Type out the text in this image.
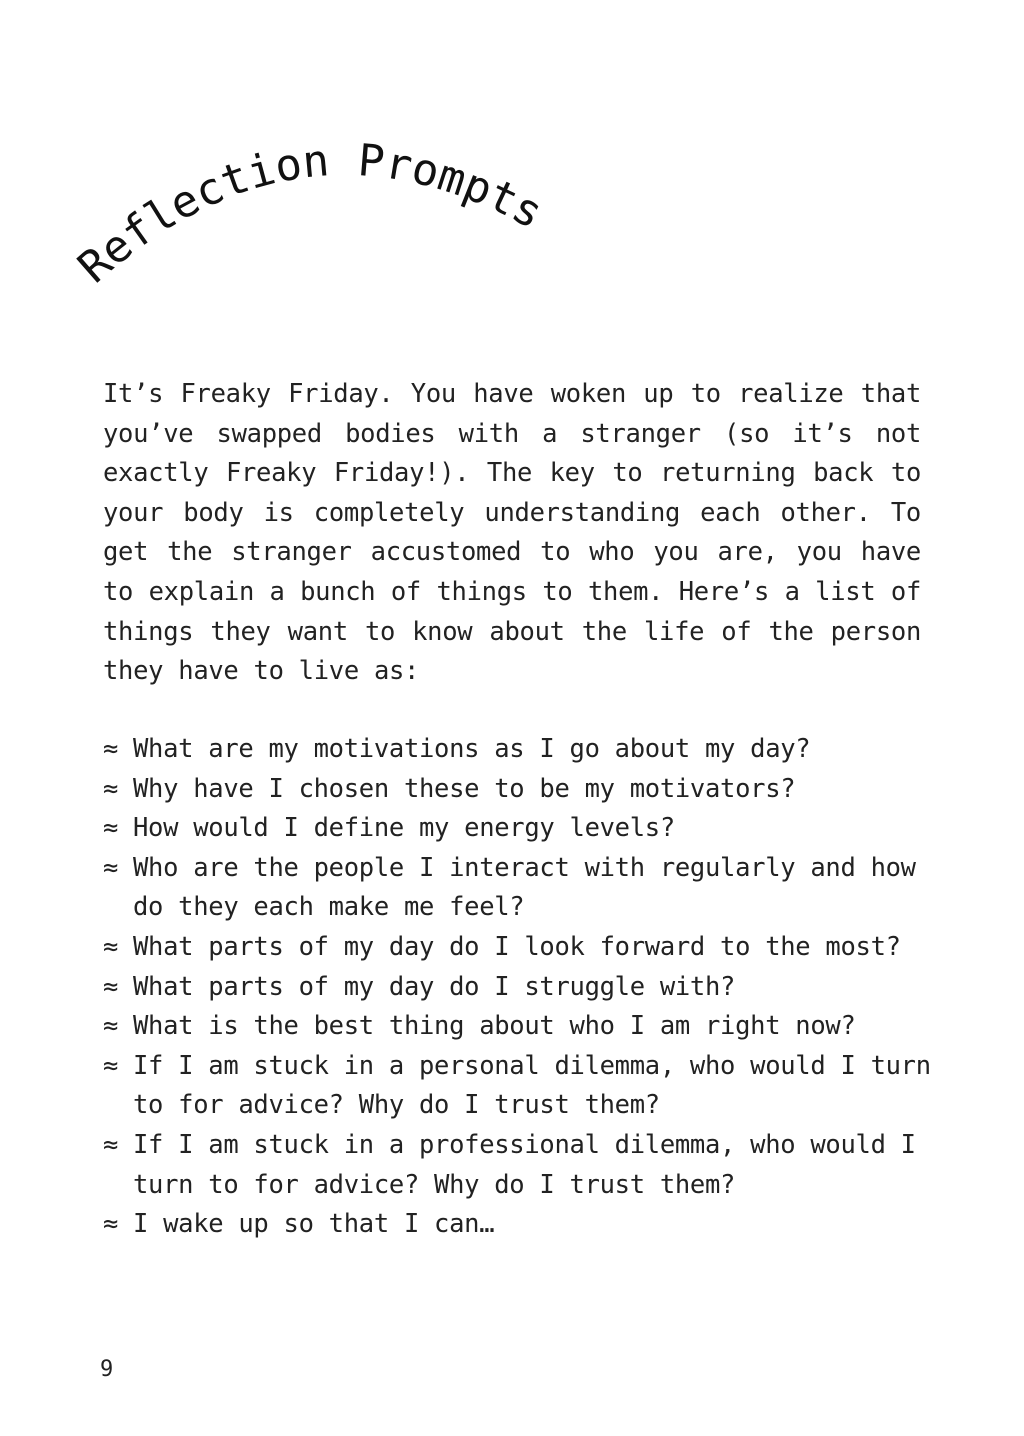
Reflection Prompts

It’s Freaky Friday. You have woken up to realize that you’ve swapped bodies with a stranger (so it’s not exactly Freaky Friday!). The key to returning back to your body is completely understanding each other. To get the stranger accustomed to who you are, you have to explain a bunch of things to them. Here’s a list of things they want to know about the life of the person they have to live as:

≈ What are my motivations as I go about my day?
≈ Why have I chosen these to be my motivators?
≈ How would I define my energy levels?
≈ Who are the people I interact with regularly and how do they each make me feel?
≈ What parts of my day do I look forward to the most?
≈ What parts of my day do I struggle with?
≈ What is the best thing about who I am right now?
≈ If I am stuck in a personal dilemma, who would I turn to for advice? Why do I trust them?
≈ If I am stuck in a professional dilemma, who would I turn to for advice? Why do I trust them?
≈ I wake up so that I can…
9
